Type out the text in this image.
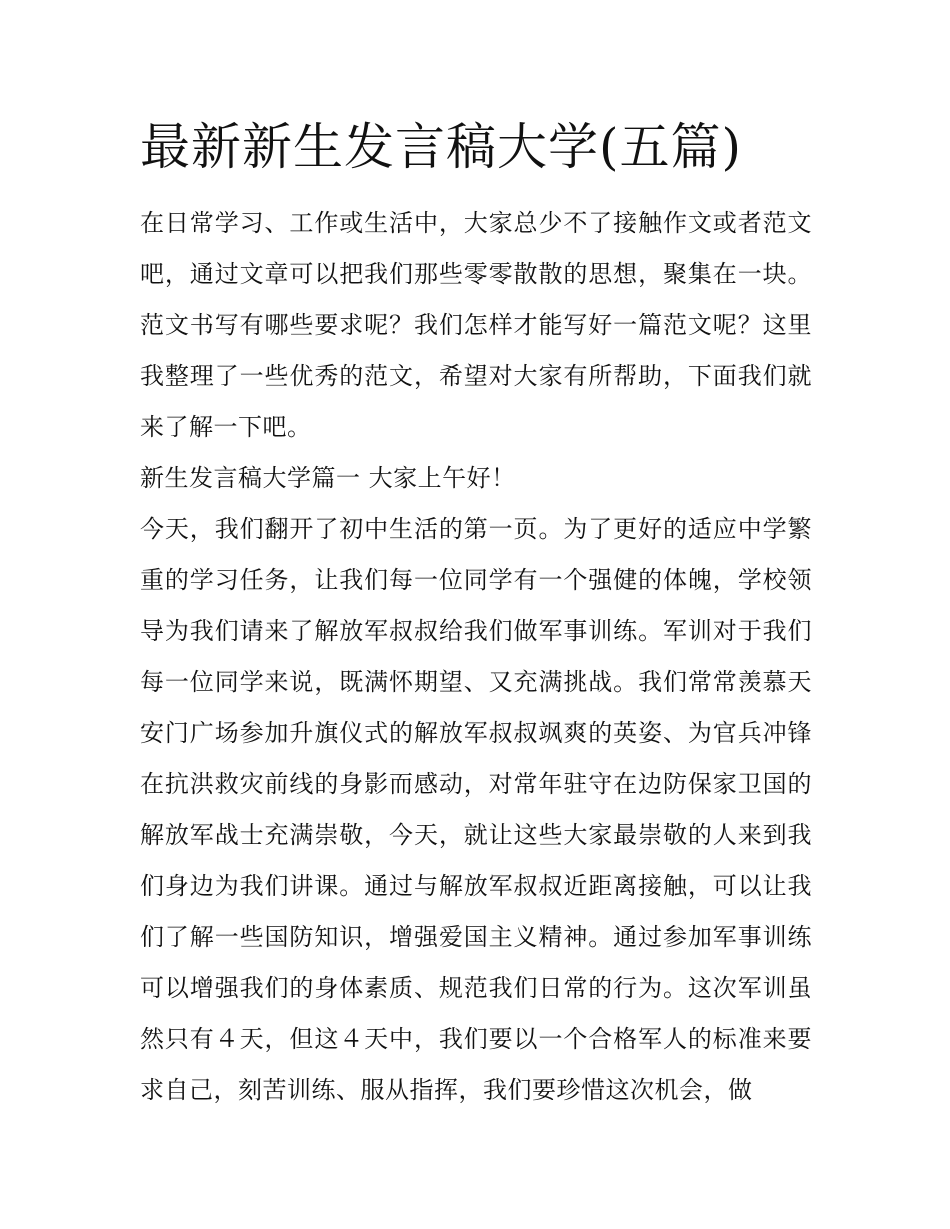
最新新生发言稿大学(五篇)

在日常学习、工作或生活中，大家总少不了接触作文或者范文吧，通过文章可以把我们那些零零散散的思想，聚集在一块。范文书写有哪些要求呢？我们怎样才能写好一篇范文呢？这里我整理了一些优秀的范文，希望对大家有所帮助，下面我们就来了解一下吧。

新生发言稿大学篇一 大家上午好！

今天，我们翻开了初中生活的第一页。为了更好的适应中学繁重的学习任务，让我们每一位同学有一个强健的体魄，学校领导为我们请来了解放军叔叔给我们做军事训练。军训对于我们每一位同学来说，既满怀期望、又充满挑战。我们常常羡慕天安门广场参加升旗仪式的解放军叔叔飒爽的英姿、为官兵冲锋在抗洪救灾前线的身影而感动，对常年驻守在边防保家卫国的解放军战士充满崇敬，今天，就让这些大家最崇敬的人来到我们身边为我们讲课。通过与解放军叔叔近距离接触，可以让我们了解一些国防知识，增强爱国主义精神。通过参加军事训练可以增强我们的身体素质、规范我们日常的行为。这次军训虽然只有４天，但这４天中，我们要以一个合格军人的标准来要求自己，刻苦训练、服从指挥，我们要珍惜这次机会，做
